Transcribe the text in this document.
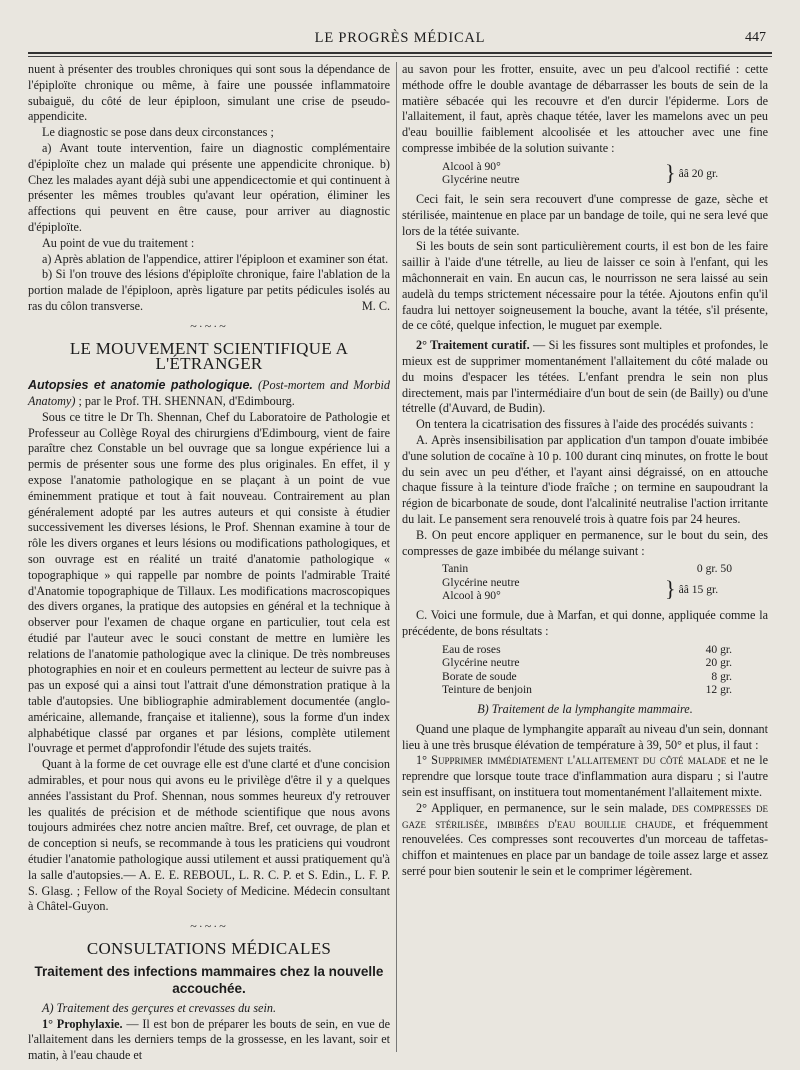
LE PROGRÈS MÉDICAL	447

nuent à présenter des troubles chroniques qui sont sous la dépendance de l'épiploïte chronique ou même, à faire une poussée inflammatoire subaiguë, du côté de leur épiploon, simulant une crise de pseudo-appendicite.

Le diagnostic se pose dans deux circonstances ;

a) Avant toute intervention, faire un diagnostic complémentaire d'épiploïte chez un malade qui présente une appendicite chronique. b) Chez les malades ayant déjà subi une appendicectomie et qui continuent à présenter les mêmes troubles qu'avant leur opération, éliminer les affections qui peuvent en être cause, pour arriver au diagnostic d'épiploïte.

Au point de vue du traitement :

a) Après ablation de l'appendice, attirer l'épiploon et examiner son état.

b) Si l'on trouve des lésions d'épiploïte chronique, faire l'ablation de la portion malade de l'épiploon, après ligature par petits pédicules isolés au ras du côlon transverse.	M. C.

~·~·~
LE MOUVEMENT SCIENTIFIQUE A L'ÉTRANGER

Autopsies et anatomie pathologique. (Post-mortem and Morbid Anatomy) ; par le Prof. TH. SHENNAN, d'Edimbourg.

Sous ce titre le Dr Th. Shennan, Chef du Laboratoire de Pathologie et Professeur au Collège Royal des chirurgiens d'Edimbourg, vient de faire paraître chez Constable un bel ouvrage que sa longue expérience lui a permis de présenter sous une forme des plus originales. En effet, il y expose l'anatomie pathologique en se plaçant à un point de vue éminemment pratique et tout à fait nouveau. Contrairement au plan généralement adopté par les autres auteurs et qui consiste à étudier successivement les diverses lésions, le Prof. Shennan examine à tour de rôle les divers organes et leurs lésions ou modifications pathologiques, et son ouvrage est en réalité un traité d'anatomie pathologique « topographique » qui rappelle par nombre de points l'admirable Traité d'Anatomie topographique de Tillaux. Les modifications macroscopiques des divers organes, la pratique des autopsies en général et la technique à observer pour l'examen de chaque organe en particulier, tout cela est étudié par l'auteur avec le souci constant de mettre en lumière les relations de l'anatomie pathologique avec la clinique. De très nombreuses photographies en noir et en couleurs permettent au lecteur de suivre pas à pas un exposé qui a ainsi tout l'attrait d'une démonstration pratique à la table d'autopsies. Une bibliographie admirablement documentée (anglo-américaine, allemande, française et italienne), sous la forme d'un index alphabétique classé par organes et par lésions, complète utilement l'ouvrage et permet d'approfondir l'étude des sujets traités.

Quant à la forme de cet ouvrage elle est d'une clarté et d'une concision admirables, et pour nous qui avons eu le privilège d'être il y a quelques années l'assistant du Prof. Shennan, nous sommes heureux d'y retrouver les qualités de précision et de méthode scientifique que nous avons toujours admirées chez notre ancien maître. Bref, cet ouvrage, de plan et de conception si neufs, se recommande à tous les praticiens qui voudront étudier l'anatomie pathologique aussi utilement et aussi pratiquement qu'à la salle d'autopsies.— A. E. E. REBOUL, L. R. C. P. et S. Edin., L. F. P. S. Glasg. ; Fellow of the Royal Society of Medicine. Médecin consultant à Châtel-Guyon.

~·~·~
CONSULTATIONS MÉDICALES
Traitement des infections mammaires chez la nouvelle accouchée.

A) Traitement des gerçures et crevasses du sein.

1° Prophylaxie. — Il est bon de préparer les bouts de sein, en vue de l'allaitement dans les derniers temps de la grossesse, en les lavant, soir et matin, à l'eau chaude et

au savon pour les frotter, ensuite, avec un peu d'alcool rectifié : cette méthode offre le double avantage de débarrasser les bouts de sein de la matière sébacée qui les recouvre et d'en durcir l'épiderme. Lors de l'allaitement, il faut, après chaque tétée, laver les mamelons avec un peu d'eau bouillie faiblement alcoolisée et les attoucher avec une fine compresse imbibée de la solution suivante :

Alcool à 90°
Glycérine neutre	} ââ 20 gr.

Ceci fait, le sein sera recouvert d'une compresse de gaze, sèche et stérilisée, maintenue en place par un bandage de toile, qui ne sera levé que lors de la tétée suivante.

Si les bouts de sein sont particulièrement courts, il est bon de les faire saillir à l'aide d'une tétrelle, au lieu de laisser ce soin à l'enfant, qui les mâchonnerait en vain. En aucun cas, le nourrisson ne sera laissé au sein audelà du temps strictement nécessaire pour la tétée. Ajoutons enfin qu'il faudra lui nettoyer soigneusement la bouche, avant la tétée, s'il présente, de ce côté, quelque infection, le muguet par exemple.

2° Traitement curatif. — Si les fissures sont multiples et profondes, le mieux est de supprimer momentanément l'allaitement du côté malade ou du moins d'espacer les tétées. L'enfant prendra le sein non plus directement, mais par l'intermédiaire d'un bout de sein (de Bailly) ou d'une tétrelle (d'Auvard, de Budin).

On tentera la cicatrisation des fissures à l'aide des procédés suivants :

A. Après insensibilisation par application d'un tampon d'ouate imbibée d'une solution de cocaïne à 10 p. 100 durant cinq minutes, on frotte le bout du sein avec un peu d'éther, et l'ayant ainsi dégraissé, on en attouche chaque fissure à la teinture d'iode fraîche ; on termine en saupoudrant la région de bicarbonate de soude, dont l'alcalinité neutralise l'action irritante du lait. Le pansement sera renouvelé trois à quatre fois par 24 heures.

B. On peut encore appliquer en permanence, sur le bout du sein, des compresses de gaze imbibée du mélange suivant :

Tanin	0 gr. 50
Glycérine neutre
Alcool à 90°	} ââ 15 gr.

C. Voici une formule, due à Marfan, et qui donne, appliquée comme la précédente, de bons résultats :

Eau de roses	40 gr.
Glycérine neutre	20 gr.
Borate de soude	8 gr.
Teinture de benjoin	12 gr.

B) Traitement de la lymphangite mammaire.

Quand une plaque de lymphangite apparaît au niveau d'un sein, donnant lieu à une très brusque élévation de température à 39, 50° et plus, il faut :

1° Supprimer immédiatement l'allaitement du côté malade et ne le reprendre que lorsque toute trace d'inflammation aura disparu ; si l'autre sein est insuffisant, on instituera tout momentanément l'allaitement mixte.

2° Appliquer, en permanence, sur le sein malade, des compresses de gaze stérilisée, imbibées d'eau bouillie chaude, et fréquemment renouvelées. Ces compresses sont recouvertes d'un morceau de taffetas-chiffon et maintenues en place par un bandage de toile assez large et assez serré pour bien soutenir le sein et le comprimer légèrement.
